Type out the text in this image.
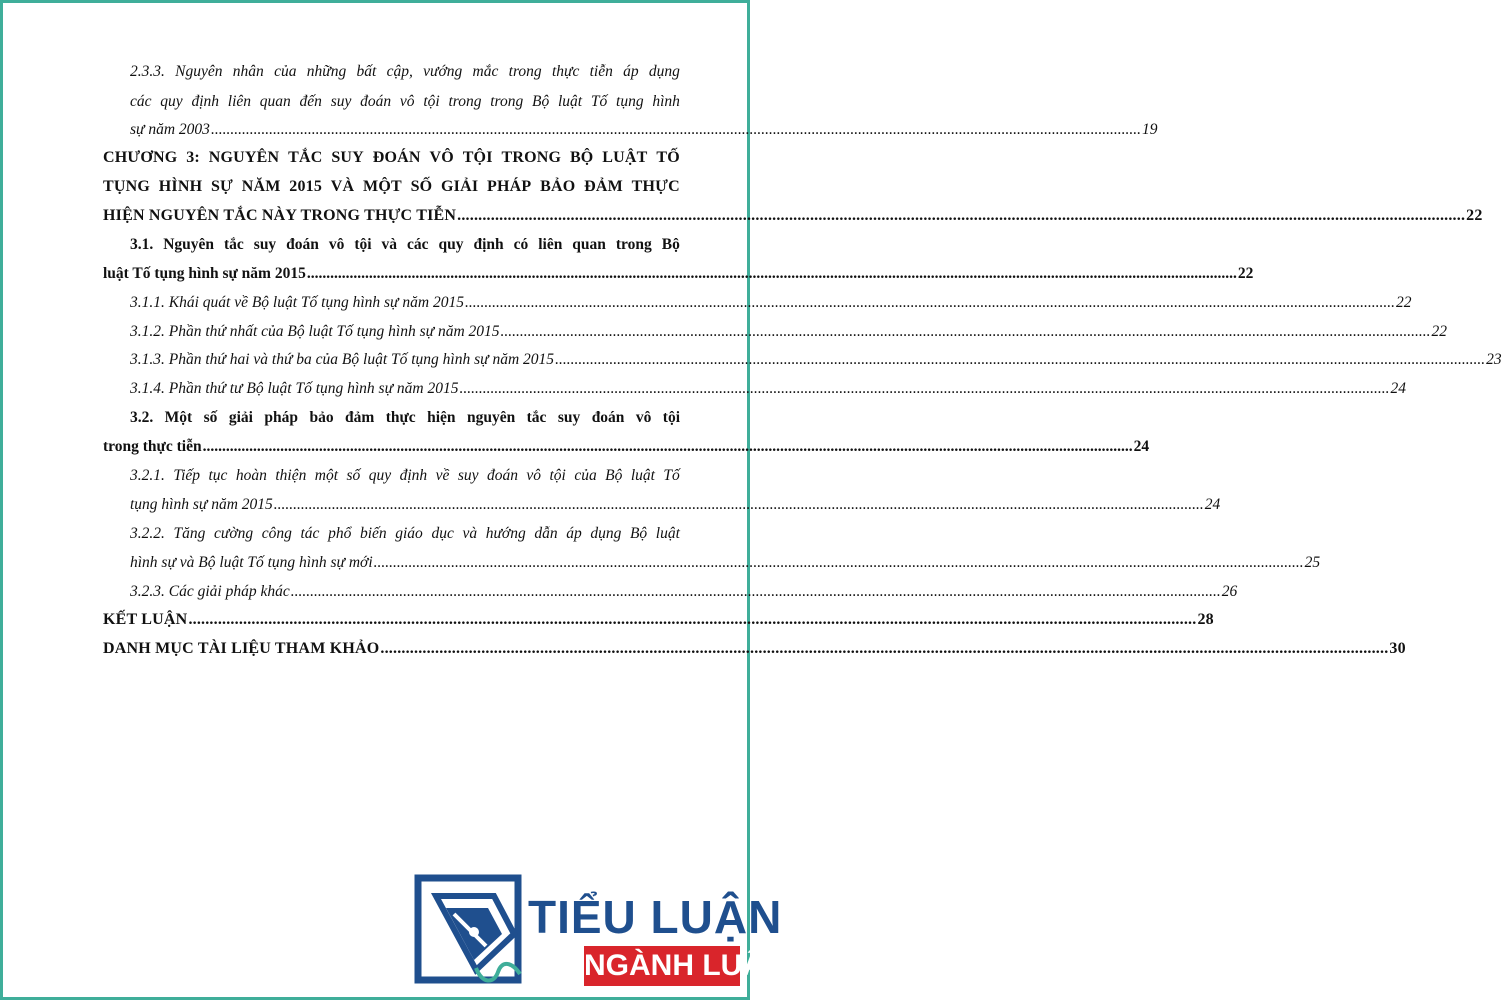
2.3.3. Nguyên nhân của những bất cập, vướng mắc trong thực tiễn áp dụng
các quy định liên quan đến suy đoán vô tội trong trong Bộ luật Tố tụng hình
sự năm 2003 .....	19
CHƯƠNG 3: NGUYÊN TẮC SUY ĐOÁN VÔ TỘI TRONG BỘ LUẬT TỐ
TỤNG HÌNH SỰ NĂM 2015 VÀ MỘT SỐ GIẢI PHÁP BẢO ĐẢM THỰC
HIỆN NGUYÊN TẮC NÀY TRONG THỰC TIỄN .....	22
3.1. Nguyên tắc suy đoán vô tội và các quy định có liên quan trong Bộ
luật Tố tụng hình sự năm 2015 .....	22
3.1.1. Khái quát về Bộ luật Tố tụng hình sự năm 2015 .....	22
3.1.2. Phần thứ nhất của Bộ luật Tố tụng hình sự năm 2015 .....	22
3.1.3. Phần thứ hai và thứ ba của Bộ luật Tố tụng hình sự năm 2015 .....	23
3.1.4. Phần thứ tư Bộ luật Tố tụng hình sự năm 2015 .....	24
3.2. Một số giải pháp bảo đảm thực hiện nguyên tắc suy đoán vô tội
trong thực tiễn .....	24
3.2.1. Tiếp tục hoàn thiện một số quy định về suy đoán vô tội của Bộ luật Tố
tụng hình sự năm 2015 .....	24
3.2.2. Tăng cường công tác phổ biến giáo dục và hướng dẫn áp dụng Bộ luật
hình sự và Bộ luật Tố tụng hình sự mới .....	25
3.2.3. Các giải pháp khác .....	26
KẾT LUẬN .....	28
DANH MỤC TÀI LIỆU THAM KHẢO .....	30
TIỂU LUẬN
NGÀNH LUẬT
